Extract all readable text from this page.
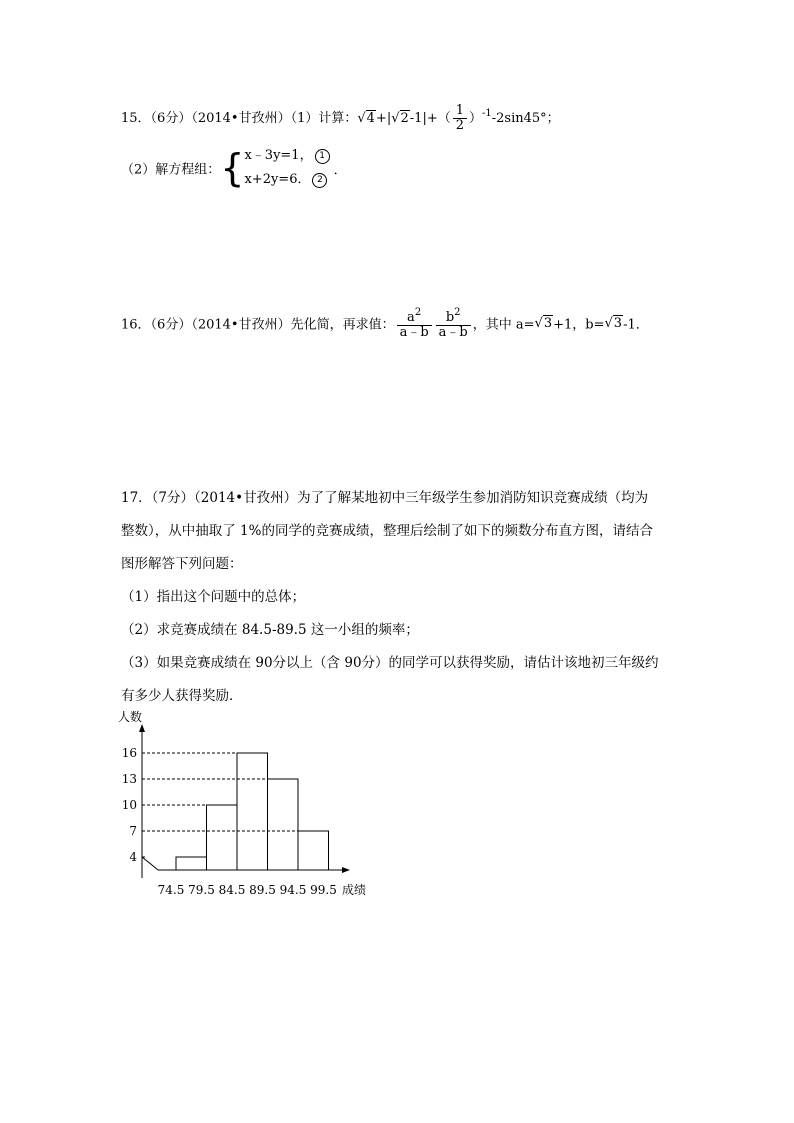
15．（6分）（2014•甘孜州）（1）计算：$√4+|√2-1|+( \frac{1}{2} )^{-1}-2\sin 45^\circ$；
（2）解方程组：{x﹣3y=1， 1
x+2y=6． 2．
16．（6分）（2014•甘孜州）先化简，再求值： $\frac{a^2}{a﹣b} \frac{b^2}{a﹣b}$ ，其中 a=√3+1，b=√3-1．
17．（7分）（2014•甘孜州）为了了解某地初中三年级学生参加消防知识竞赛成绩（均为
整数），从中抽取了 1%的同学的竞赛成绩，整理后绘制了如下的频数分布直方图，请结合
图形解答下列问题：
（1）指出这个问题中的总体；
（2）求竞赛成绩在 84.5-89.5 这一小组的频率；
（3）如果竞赛成绩在 90分以上（含 90分）的同学可以获得奖励，请估计该地初三年级约
有多少人获得奖励．
人数
成绩
4
7
10
13
16
74.5 79.5 84.5 89.5 94.5 99.5
